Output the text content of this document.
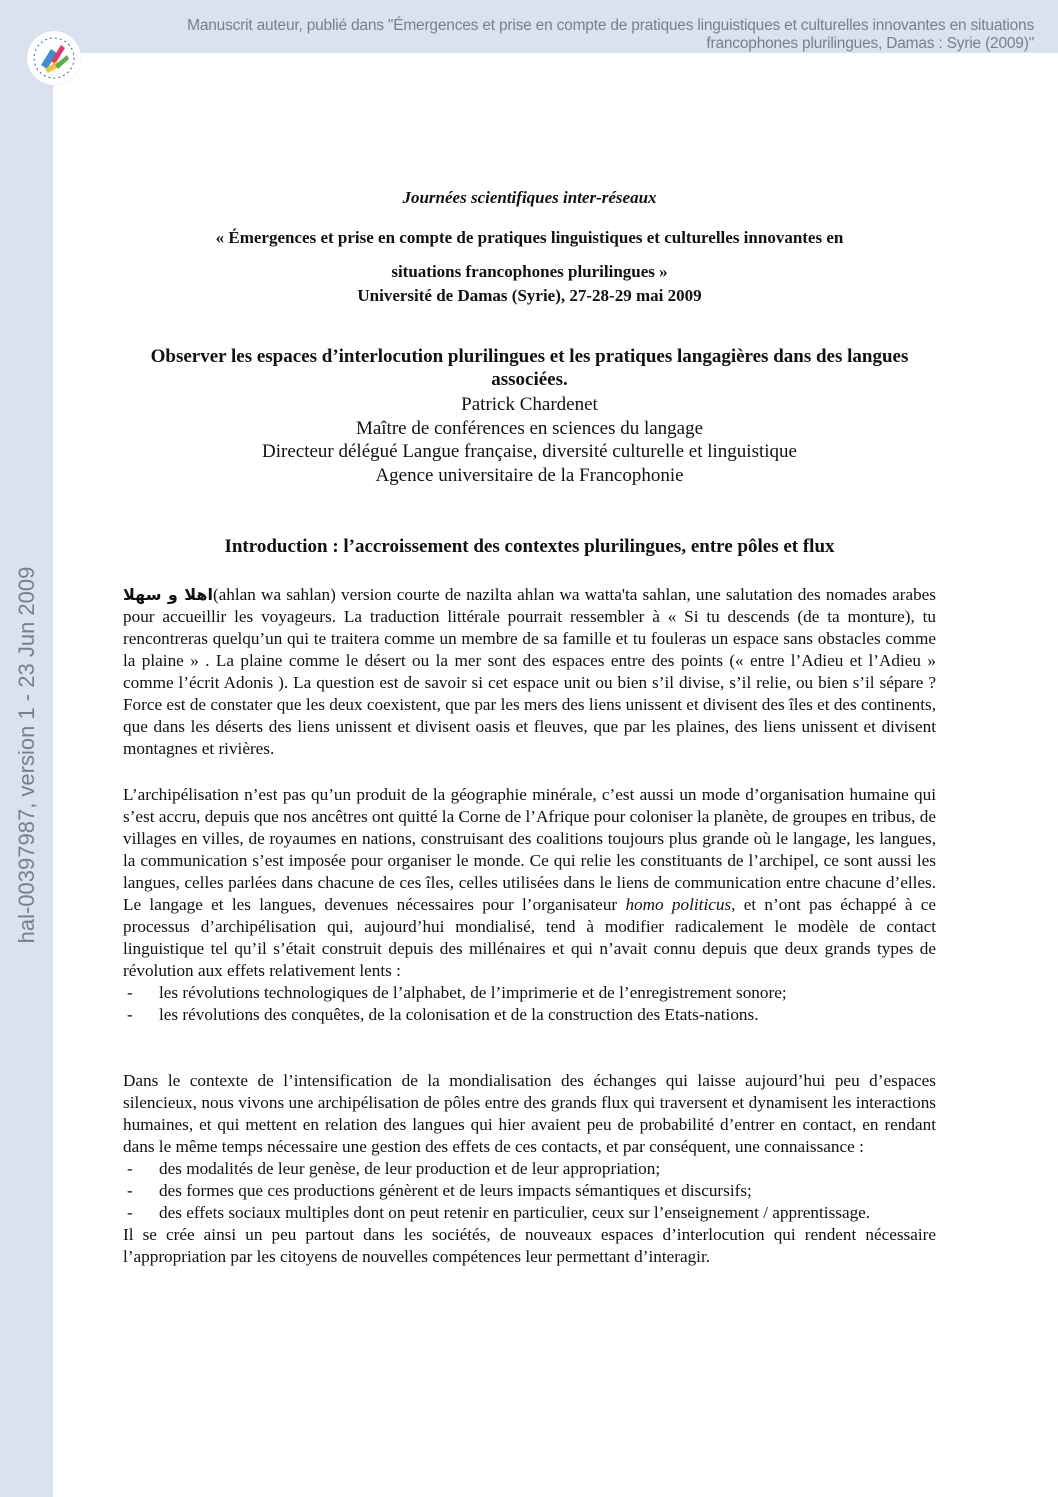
Manuscrit auteur, publié dans "Émergences et prise en compte de pratiques linguistiques et culturelles innovantes en situations
francophones plurilingues, Damas : Syrie (2009)"
hal-00397987, version 1 - 23 Jun 2009
Journées scientifiques inter-réseaux
« Émergences et prise en compte de pratiques linguistiques et culturelles innovantes en
situations francophones plurilingues »
Université de Damas (Syrie), 27-28-29 mai 2009
Observer les espaces d’interlocution plurilingues et les pratiques langagières dans des langues associées.
Patrick Chardenet
Maître de conférences en sciences du langage
Directeur délégué Langue française, diversité culturelle et linguistique
Agence universitaire de la Francophonie
Introduction : l’accroissement des contextes plurilingues, entre pôles et flux

اهلا و سهلا(ahlan wa sahlan) version courte de nazilta ahlan wa watta'ta sahlan, une salutation des nomades arabes pour accueillir les voyageurs. La traduction littérale pourrait ressembler à « Si tu descends (de ta monture), tu rencontreras quelqu’un qui te traitera comme un membre de sa famille et tu fouleras un espace sans obstacles comme la plaine » . La plaine comme le désert ou la mer sont des espaces entre des points (« entre l’Adieu et l’Adieu » comme l’écrit Adonis ). La question est de savoir si cet espace unit ou bien s’il divise, s’il relie, ou bien s’il sépare ? Force est de constater que les deux coexistent, que par les mers des liens unissent et divisent des îles et des continents, que dans les déserts des liens unissent et divisent oasis et fleuves, que par les plaines, des liens unissent et divisent montagnes et rivières.

L’archipélisation n’est pas qu’un produit de la géographie minérale, c’est aussi un mode d’organisation humaine qui s’est accru, depuis que nos ancêtres ont quitté la Corne de l’Afrique pour coloniser la planète, de groupes en tribus, de villages en villes, de royaumes en nations, construisant des coalitions toujours plus grande où le langage, les langues, la communication s’est imposée pour organiser le monde. Ce qui relie les constituants de l’archipel, ce sont aussi les langues, celles parlées dans chacune de ces îles, celles utilisées dans le liens de communication entre chacune d’elles. Le langage et les langues, devenues nécessaires pour l’organisateur homo politicus, et n’ont pas échappé à ce processus d’archipélisation qui, aujourd’hui mondialisé, tend à modifier radicalement le modèle de contact linguistique tel qu’il s’était construit depuis des millénaires et qui n’avait connu depuis que deux grands types de révolution aux effets relativement lents :

- les révolutions technologiques de l’alphabet, de l’imprimerie et de l’enregistrement sonore;
- les révolutions des conquêtes, de la colonisation et de la construction des Etats-nations.

Dans le contexte de l’intensification de la mondialisation des échanges qui laisse aujourd’hui peu d’espaces silencieux, nous vivons une archipélisation de pôles entre des grands flux qui traversent et dynamisent les interactions humaines, et qui mettent en relation des langues qui hier avaient peu de probabilité d’entrer en contact, en rendant dans le même temps nécessaire une gestion des effets de ces contacts, et par conséquent, une connaissance :

- des modalités de leur genèse, de leur production et de leur appropriation;
- des formes que ces productions génèrent et de leurs impacts sémantiques et discursifs;
- des effets sociaux multiples dont on peut retenir en particulier, ceux sur l’enseignement / apprentissage.

Il se crée ainsi un peu partout dans les sociétés, de nouveaux espaces d’interlocution qui rendent nécessaire l’appropriation par les citoyens de nouvelles compétences leur permettant d’interagir.
